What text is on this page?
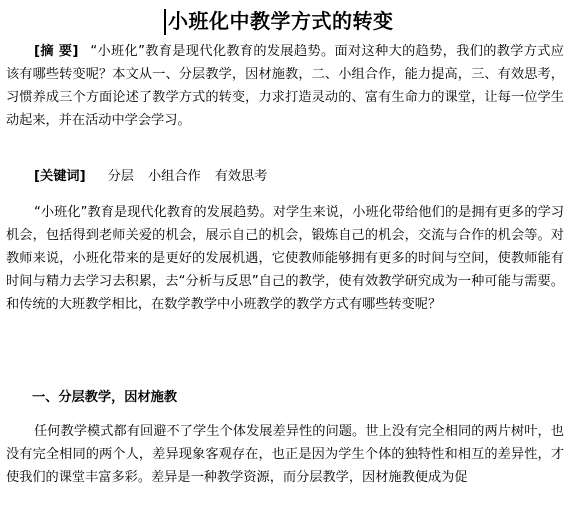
小班化中教学方式的转变
[摘 要] “小班化”教育是现代化教育的发展趋势。面对这种大的趋势，我们的教学方式应该有哪些转变呢？本文从一、分层教学，因材施教，二、小组合作，能力提高，三、有效思考，习惯养成三个方面论述了教学方式的转变，力求打造灵动的、富有生命力的课堂，让每一位学生动起来，并在活动中学会学习。
[关键词] 分层 小组合作 有效思考
“小班化”教育是现代化教育的发展趋势。对学生来说，小班化带给他们的是拥有更多的学习机会，包括得到老师关爱的机会，展示自己的机会，锻炼自己的机会，交流与合作的机会等。对教师来说，小班化带来的是更好的发展机遇，它使教师能够拥有更多的时间与空间，使教师能有时间与精力去学习去积累，去“分析与反思”自己的教学，使有效教学研究成为一种可能与需要。和传统的大班教学相比，在数学教学中小班教学的教学方式有哪些转变呢？
一、分层教学，因材施教
任何教学模式都有回避不了学生个体发展差异性的问题。世上没有完全相同的两片树叶，也没有完全相同的两个人，差异现象客观存在，也正是因为学生个体的独特性和相互的差异性，才使我们的课堂丰富多彩。差异是一种教学资源，而分层教学，因材施教便成为促
